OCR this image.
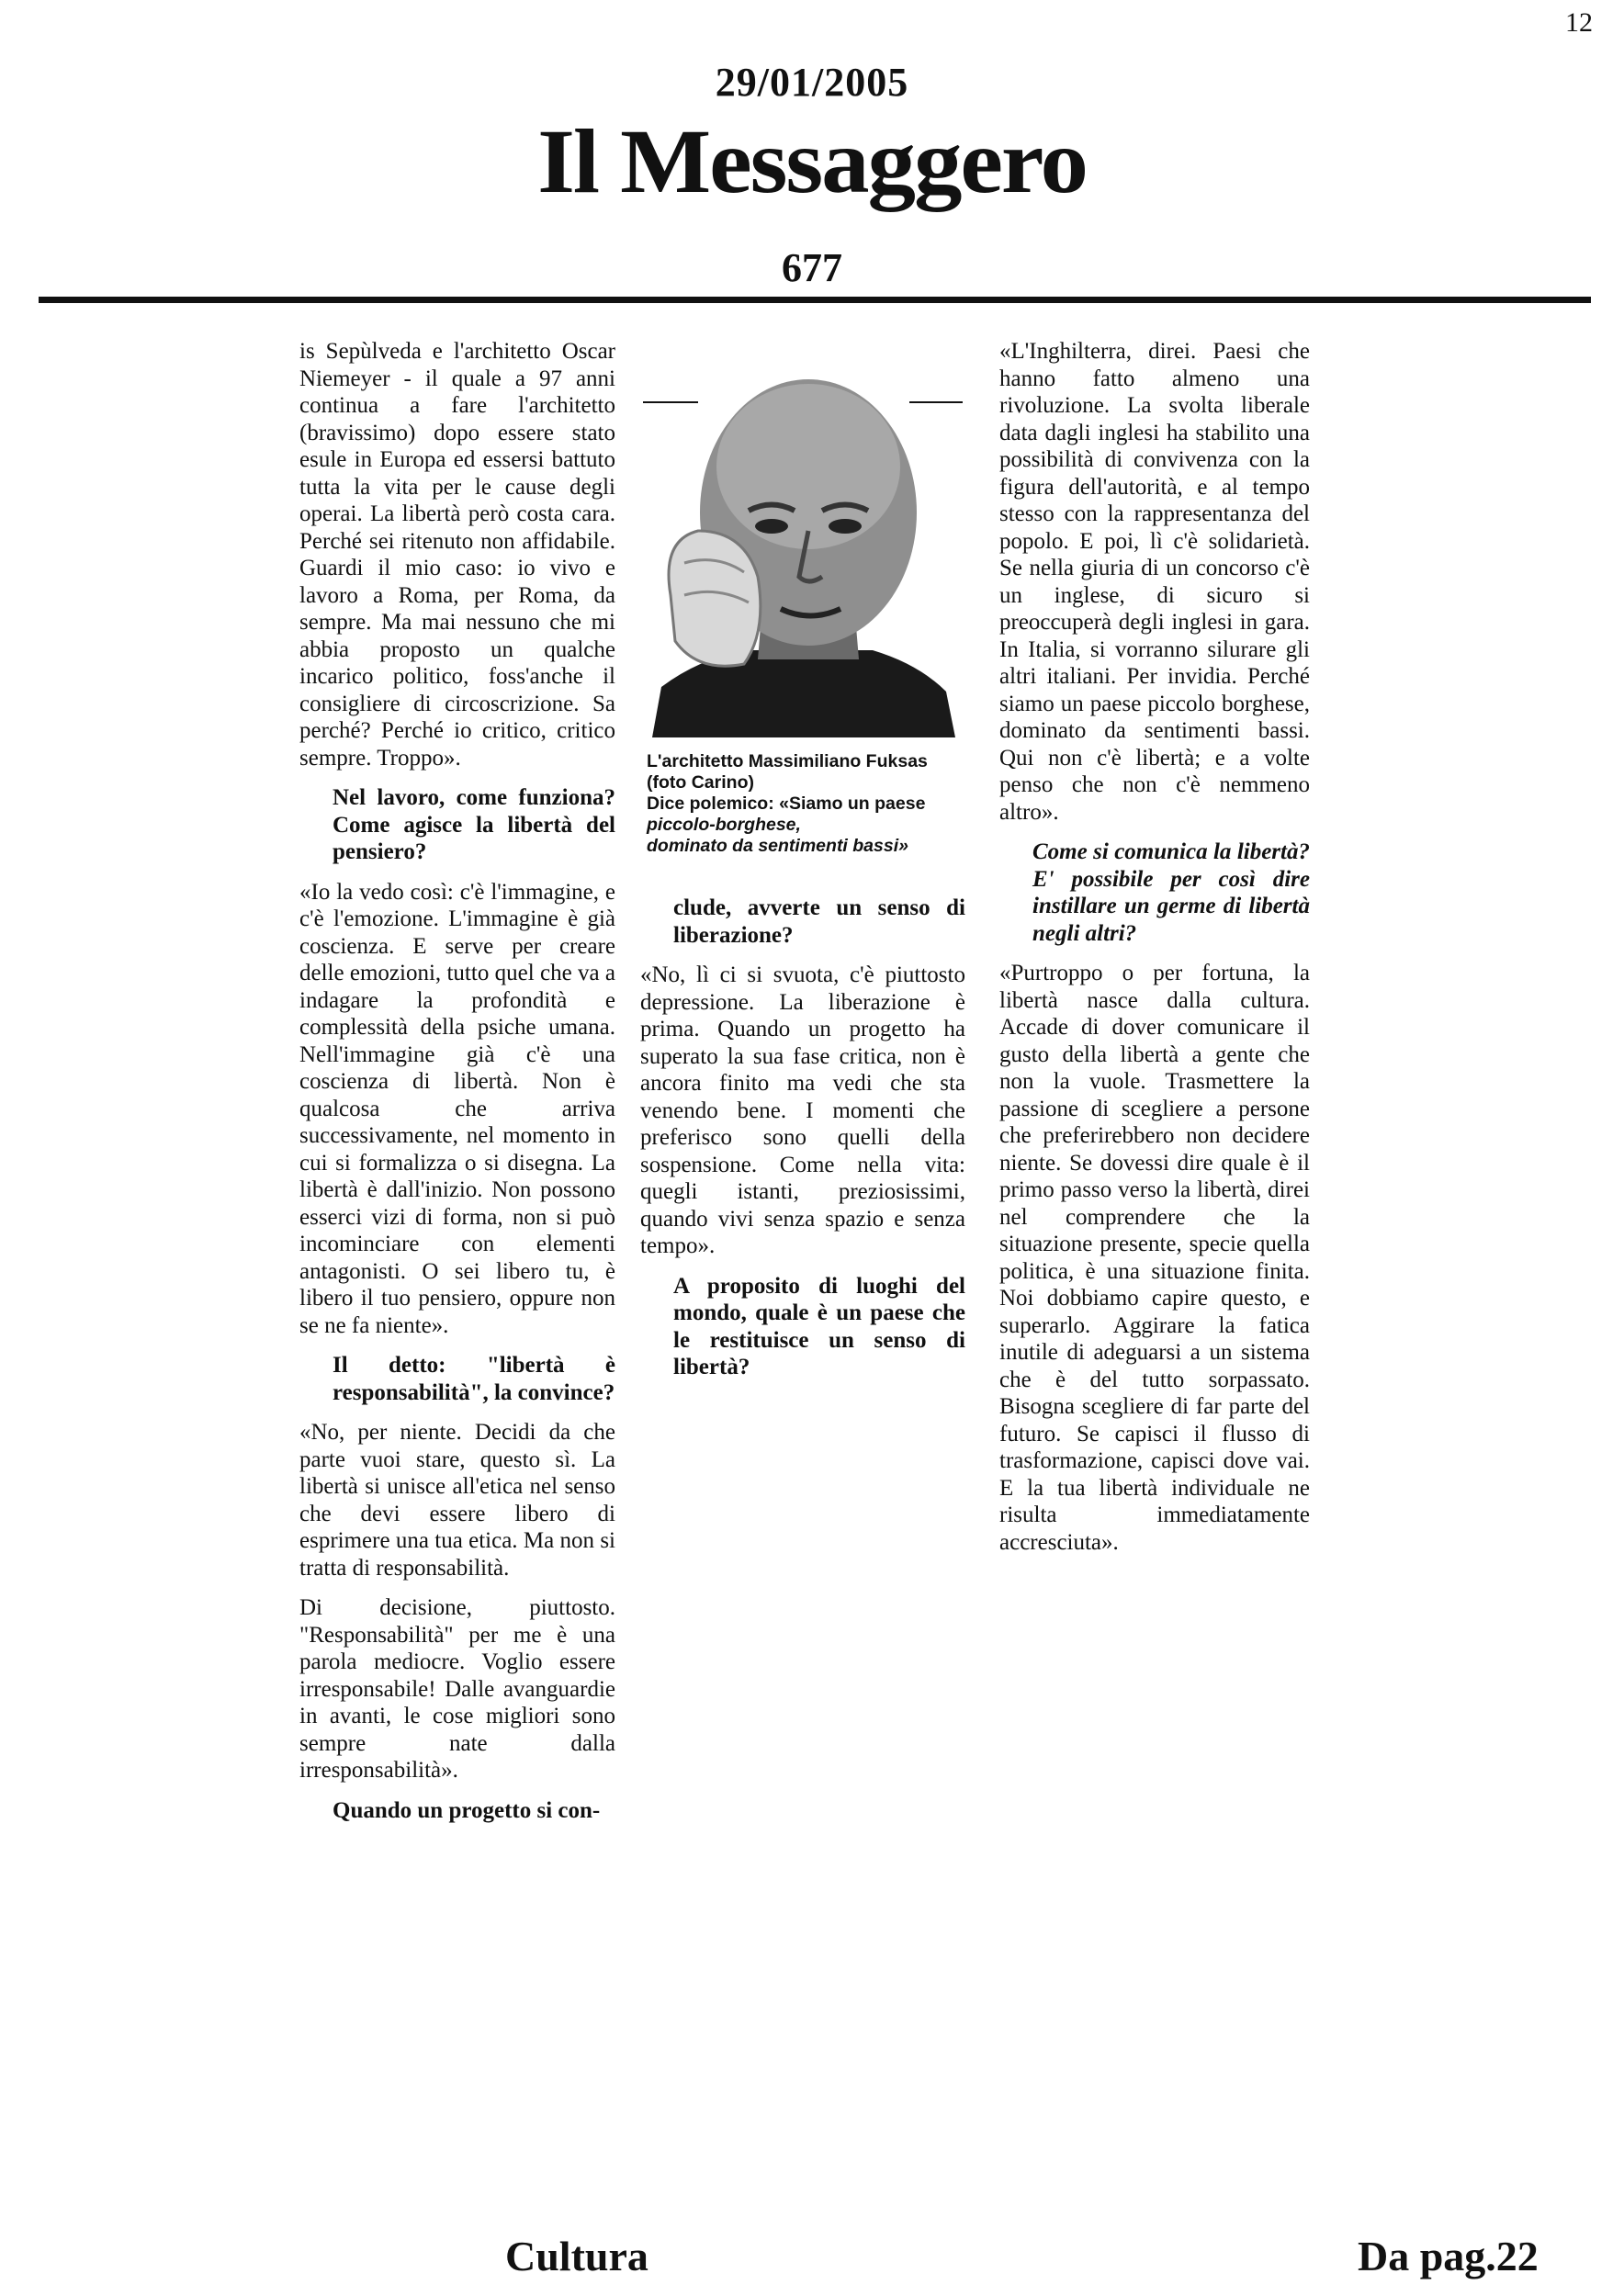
12
29/01/2005
Il Messaggero
677

is Sepùlveda e l'architetto Oscar Niemeyer - il quale a 97 anni continua a fare l'architetto (bravissimo) dopo essere stato esule in Europa ed essersi battuto tutta la vita per le cause degli operai. La libertà però costa cara. Perché sei ritenuto non affidabile. Guardi il mio caso: io vivo e lavoro a Roma, per Roma, da sempre. Ma mai nessuno che mi abbia proposto un qualche incarico politico, foss'anche il consigliere di circoscrizione. Sa perché? Perché io critico, critico sempre. Troppo».

Nel lavoro, come funziona? Come agisce la libertà del pensiero?

«Io la vedo così: c'è l'immagine, e c'è l'emozione. L'immagine è già coscienza. E serve per creare delle emozioni, tutto quel che va a indagare la profondità e complessità della psiche umana. Nell'immagine già c'è una coscienza di libertà. Non è qualcosa che arriva successivamente, nel momento in cui si formalizza o si disegna. La libertà è dall'inizio. Non possono esserci vizi di forma, non si può incominciare con elementi antagonisti. O sei libero tu, è libero il tuo pensiero, oppure non se ne fa niente».

Il detto: "libertà è responsabilità", la convince?

«No, per niente. Decidi da che parte vuoi stare, questo sì. La libertà si unisce all'etica nel senso che devi essere libero di esprimere una tua etica. Ma non si tratta di responsabilità.

Di decisione, piuttosto. "Responsabilità" per me è una parola mediocre. Voglio essere irresponsabile! Dalle avanguardie in avanti, le cose migliori sono sempre nate dalla irresponsabilità».

Quando un progetto si con-

L'architetto Massimiliano Fuksas
(foto Carino)
Dice polemico: «Siamo un paese
piccolo-borghese,
dominato da sentimenti bassi»

clude, avverte un senso di liberazione?

«No, lì ci si svuota, c'è piuttosto depressione. La liberazione è prima. Quando un progetto ha superato la sua fase critica, non è ancora finito ma vedi che sta venendo bene. I momenti che preferisco sono quelli della sospensione. Come nella vita: quegli istanti, preziosissimi, quando vivi senza spazio e senza tempo».

A proposito di luoghi del mondo, quale è un paese che le restituisce un senso di libertà?

«L'Inghilterra, direi. Paesi che hanno fatto almeno una rivoluzione. La svolta liberale data dagli inglesi ha stabilito una possibilità di convivenza con la figura dell'autorità, e al tempo stesso con la rappresentanza del popolo. E poi, lì c'è solidarietà. Se nella giuria di un concorso c'è un inglese, di sicuro si preoccuperà degli inglesi in gara. In Italia, si vorranno silurare gli altri italiani. Per invidia. Perché siamo un paese piccolo borghese, dominato da sentimenti bassi. Qui non c'è libertà; e a volte penso che non c'è nemmeno altro».

Come si comunica la libertà? E' possibile per così dire instillare un germe di libertà negli altri?

«Purtroppo o per fortuna, la libertà nasce dalla cultura. Accade di dover comunicare il gusto della libertà a gente che non la vuole. Trasmettere la passione di scegliere a persone che preferirebbero non decidere niente. Se dovessi dire quale è il primo passo verso la libertà, direi nel comprendere che la situazione presente, specie quella politica, è una situazione finita. Noi dobbiamo capire questo, e superarlo. Aggirare la fatica inutile di adeguarsi a un sistema che è del tutto sorpassato. Bisogna scegliere di far parte del futuro. Se capisci il flusso di trasformazione, capisci dove vai. E la tua libertà individuale ne risulta immediatamente accresciuta».

Cultura	Da pag.22
